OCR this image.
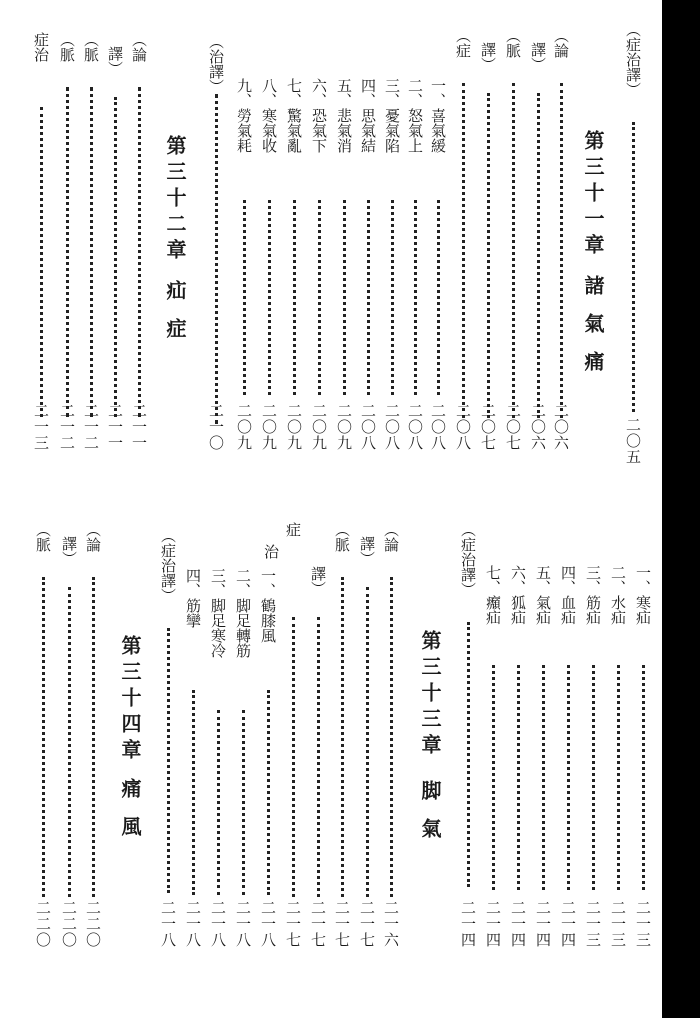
（症治譯）
二〇五
第三十一章
諸氣痛
（論
二〇六
譯）
二〇六
（脈
二〇七
譯）
二〇七
（症
二〇八
一、喜氣緩
二〇八
二、怒氣上
二〇八
三、憂氣陷
二〇八
四、思氣結
二〇八
五、悲氣消
二〇九
六、恐氣下
二〇九
七、驚氣亂
二〇九
八、寒氣收
二〇九
九、勞氣耗
二〇九
（治譯）
二一〇
第三十二章
疝症
（論
二一一
譯）
二一一
（脈
二一二
（脈
二一二
症治
二一三
一、寒疝
二一三
二、水疝
二一三
三、筋疝
二一三
四、血疝
二一四
五、氣疝
二一四
六、狐疝
二一四
七、㿗疝
二一四
（症治譯）
二一四
第三十三章
脚氣
（論
二一六
譯）
二一七
（脈
二一七
譯）
二一七
症
治
二一七
一、鶴膝風
二一八
二、脚足轉筋
二一八
三、脚足寒冷
二一八
四、筋攣
二一八
（症治譯）
二一八
第三十四章
痛風
（論
二二〇
譯）
二二〇
（脈
二二〇
